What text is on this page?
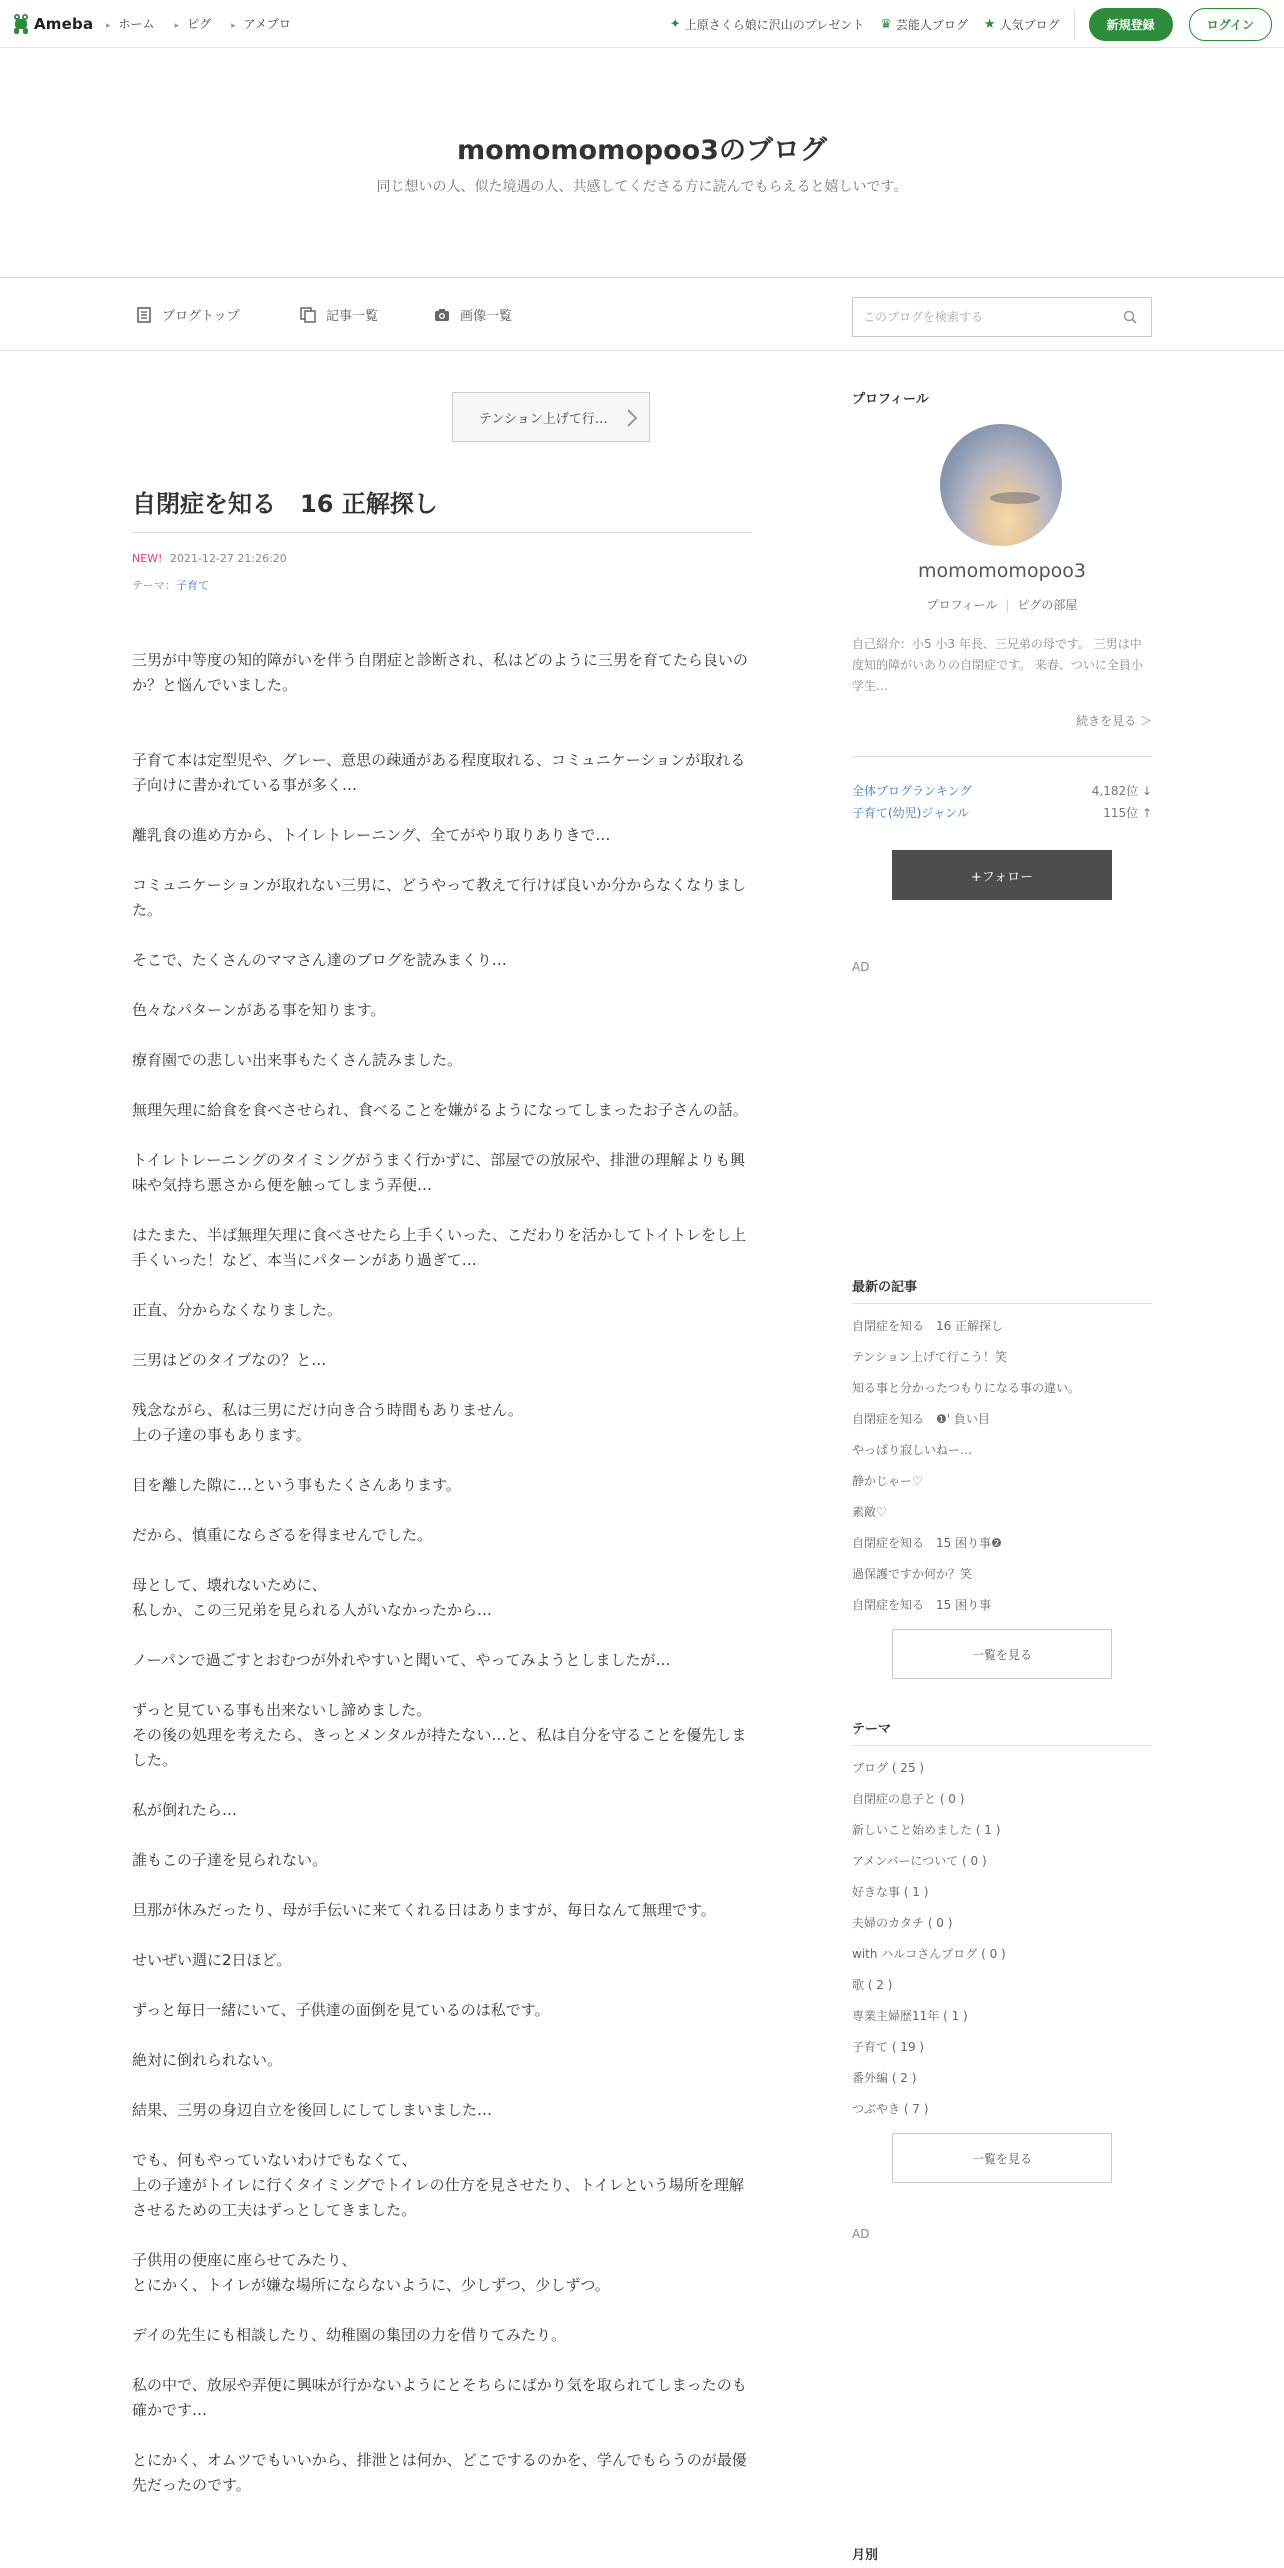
Ameba	▸ ホーム	▸ ピグ	▸ アメブロ	✦ 上原さくら娘に沢山のプレゼント ♛ 芸能人ブログ ★ 人気ブログ	新規登録	ログイン
momomomopoo3のブログ
同じ想いの人、似た境遇の人、共感してくださる方に読んでもらえると嬉しいです。
ブログトップ	記事一覧	画像一覧
このブログを検索する
テンション上げて行…
自閉症を知る　16 正解探し
NEW! 2021-12-27 21:26:20
テーマ：子育て

三男が中等度の知的障がいを伴う自閉症と診断され、私はどのように三男を育てたら良いのか？と悩んでいました。

子育て本は定型児や、グレー、意思の疎通がある程度取れる、コミュニケーションが取れる子向けに書かれている事が多く…

離乳食の進め方から、トイレトレーニング、全てがやり取りありきで…

コミュニケーションが取れない三男に、どうやって教えて行けば良いか分からなくなりました。

そこで、たくさんのママさん達のブログを読みまくり…

色々なパターンがある事を知ります。

療育園での悲しい出来事もたくさん読みました。

無理矢理に給食を食べさせられ、食べることを嫌がるようになってしまったお子さんの話。

トイレトレーニングのタイミングがうまく行かずに、部屋での放尿や、排泄の理解よりも興味や気持ち悪さから便を触ってしまう弄便…

はたまた、半ば無理矢理に食べさせたら上手くいった、こだわりを活かしてトイトレをし上手くいった！など、本当にパターンがあり過ぎて…

正直、分からなくなりました。

三男はどのタイプなの？と…

残念ながら、私は三男にだけ向き合う時間もありません。
上の子達の事もあります。

目を離した隙に…という事もたくさんあります。

だから、慎重にならざるを得ませんでした。

母として、壊れないために、
私しか、この三兄弟を見られる人がいなかったから…

ノーパンで過ごすとおむつが外れやすいと聞いて、やってみようとしましたが…

ずっと見ている事も出来ないし諦めました。
その後の処理を考えたら、きっとメンタルが持たない…と、私は自分を守ることを優先しました。

私が倒れたら…

誰もこの子達を見られない。

旦那が休みだったり、母が手伝いに来てくれる日はありますが、毎日なんて無理です。

せいぜい週に2日ほど。

ずっと毎日一緒にいて、子供達の面倒を見ているのは私です。

絶対に倒れられない。

結果、三男の身辺自立を後回しにしてしまいました…

でも、何もやっていないわけでもなくて、
上の子達がトイレに行くタイミングでトイレの仕方を見させたり、トイレという場所を理解させるための工夫はずっとしてきました。

子供用の便座に座らせてみたり、
とにかく、トイレが嫌な場所にならないように、少しずつ、少しずつ。

デイの先生にも相談したり、幼稚園の集団の力を借りてみたり。

私の中で、放尿や弄便に興味が行かないようにとそちらにばかり気を取られてしまったのも確かです…

とにかく、オムツでもいいから、排泄とは何か、どこでするのかを、学んでもらうのが最優先だったのです。

プロフィール
momomomopoo3
プロフィール | ピグの部屋
自己紹介：小5 小3 年長、三兄弟の母です。 三男は中度知的障がいありの自閉症です。 来春、ついに全員小学生…
続きを見る ＞
全体ブログランキング	4,182位 ↓
子育て(幼児)ジャンル	115位 ↑
+フォロー
AD
最新の記事
自閉症を知る　16 正解探し
テンション上げて行こう！笑
知る事と分かったつもりになる事の違い。
自閉症を知る　❶' 負い目
やっぱり寂しいねー…
静かじゃー♡
素敵♡
自閉症を知る　15 困り事❷
過保護ですか何か？笑
自閉症を知る　15 困り事
一覧を見る
テーマ
ブログ ( 25 )
自閉症の息子と ( 0 )
新しいこと始めました ( 1 )
アメンバーについて ( 0 )
好きな事 ( 1 )
夫婦のカタチ ( 0 )
with ハルコさんブログ ( 0 )
歌 ( 2 )
専業主婦歴11年 ( 1 )
子育て ( 19 )
番外編 ( 2 )
つぶやき ( 7 )
一覧を見る
AD
月別
